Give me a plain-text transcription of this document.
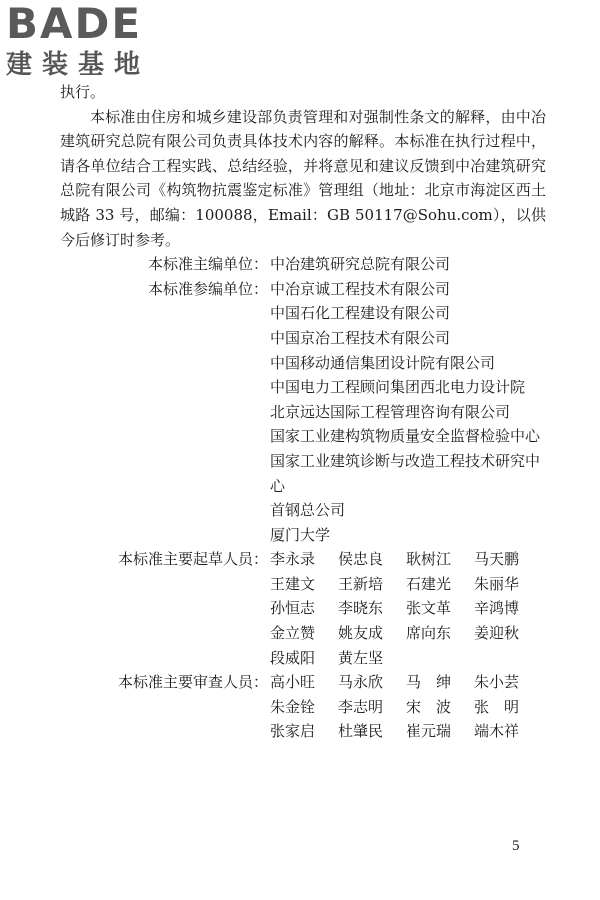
BADE
建装基地

执行。

本标准由住房和城乡建设部负责管理和对强制性条文的解释，由中冶建筑研究总院有限公司负责具体技术内容的解释。本标准在执行过程中，请各单位结合工程实践、总结经验，并将意见和建议反馈到中冶建筑研究总院有限公司《构筑物抗震鉴定标准》管理组（地址：北京市海淀区西土城路 33 号，邮编：100088，Email：GB 50117@Sohu.com），以供今后修订时参考。

本标准主编单位： 中冶建筑研究总院有限公司
本标准参编单位： 中冶京诚工程技术有限公司
中国石化工程建设有限公司
中国京冶工程技术有限公司
中国移动通信集团设计院有限公司
中国电力工程顾问集团西北电力设计院
北京远达国际工程管理咨询有限公司
国家工业建构筑物质量安全监督检验中心
国家工业建筑诊断与改造工程技术研究中心
首钢总公司
厦门大学
本标准主要起草人员： 李永录	侯忠良	耿树江	马天鹏
王建文	王新培	石建光	朱丽华
孙恒志	李晓东	张文革	辛鸿博
金立赞	姚友成	席向东	姜迎秋
段威阳	黄左坚
本标准主要审查人员： 高小旺	马永欣	马　绅	朱小芸
朱金铨	李志明	宋　波	张　明
张家启	杜肇民	崔元瑞	端木祥
5
